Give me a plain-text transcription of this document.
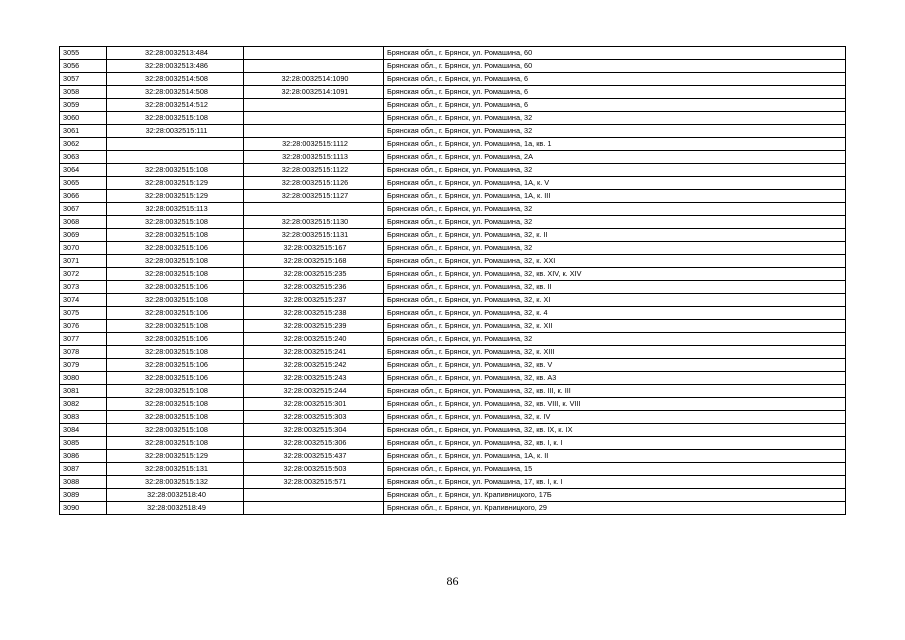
3055	32:28:0032513:484		Брянская обл., г. Брянск, ул. Ромашина, 60
3056	32:28:0032513:486		Брянская обл., г. Брянск, ул. Ромашина, 60
3057	32:28:0032514:508	32:28:0032514:1090	Брянская обл., г. Брянск, ул. Ромашина, 6
3058	32:28:0032514:508	32:28:0032514:1091	Брянская обл., г. Брянск, ул. Ромашина, 6
3059	32:28:0032514:512		Брянская обл., г. Брянск, ул. Ромашина, 6
3060	32:28:0032515:108		Брянская обл., г. Брянск, ул. Ромашина, 32
3061	32:28:0032515:111		Брянская обл., г. Брянск, ул. Ромашина, 32
3062		32:28:0032515:1112	Брянская обл., г. Брянск, ул. Ромашина, 1а, кв. 1
3063		32:28:0032515:1113	Брянская обл., г. Брянск, ул. Ромашина, 2А
3064	32:28:0032515:108	32:28:0032515:1122	Брянская обл., г. Брянск, ул. Ромашина, 32
3065	32:28:0032515:129	32:28:0032515:1126	Брянская обл., г. Брянск, ул. Ромашина, 1А, к. V
3066	32:28:0032515:129	32:28:0032515:1127	Брянская обл., г. Брянск, ул. Ромашина, 1А, к. III
3067	32:28:0032515:113		Брянская обл., г. Брянск, ул. Ромашина, 32
3068	32:28:0032515:108	32:28:0032515:1130	Брянская обл., г. Брянск, ул. Ромашина, 32
3069	32:28:0032515:108	32:28:0032515:1131	Брянская обл., г. Брянск, ул. Ромашина, 32, к. II
3070	32:28:0032515:106	32:28:0032515:167	Брянская обл., г. Брянск, ул. Ромашина, 32
3071	32:28:0032515:108	32:28:0032515:168	Брянская обл., г. Брянск, ул. Ромашина, 32, к. XXI
3072	32:28:0032515:108	32:28:0032515:235	Брянская обл., г. Брянск, ул. Ромашина, 32, кв. XIV, к. XIV
3073	32:28:0032515:106	32:28:0032515:236	Брянская обл., г. Брянск, ул. Ромашина, 32, кв. II
3074	32:28:0032515:108	32:28:0032515:237	Брянская обл., г. Брянск, ул. Ромашина, 32, к. XI
3075	32:28:0032515:106	32:28:0032515:238	Брянская обл., г. Брянск, ул. Ромашина, 32, к. 4
3076	32:28:0032515:108	32:28:0032515:239	Брянская обл., г. Брянск, ул. Ромашина, 32, к. XII
3077	32:28:0032515:106	32:28:0032515:240	Брянская обл., г. Брянск, ул. Ромашина, 32
3078	32:28:0032515:108	32:28:0032515:241	Брянская обл., г. Брянск, ул. Ромашина, 32, к. XIII
3079	32:28:0032515:106	32:28:0032515:242	Брянская обл., г. Брянск, ул. Ромашина, 32, кв. V
3080	32:28:0032515:106	32:28:0032515:243	Брянская обл., г. Брянск, ул. Ромашина, 32, кв. А3
3081	32:28:0032515:108	32:28:0032515:244	Брянская обл., г. Брянск, ул. Ромашина, 32, кв. III, к. III
3082	32:28:0032515:108	32:28:0032515:301	Брянская обл., г. Брянск, ул. Ромашина, 32, кв. VIII, к. VIII
3083	32:28:0032515:108	32:28:0032515:303	Брянская обл., г. Брянск, ул. Ромашина, 32, к. IV
3084	32:28:0032515:108	32:28:0032515:304	Брянская обл., г. Брянск, ул. Ромашина, 32, кв. IX, к. IX
3085	32:28:0032515:108	32:28:0032515:306	Брянская обл., г. Брянск, ул. Ромашина, 32, кв. I, к. I
3086	32:28:0032515:129	32:28:0032515:437	Брянская обл., г. Брянск, ул. Ромашина, 1А, к. II
3087	32:28:0032515:131	32:28:0032515:503	Брянская обл., г. Брянск, ул. Ромашина, 15
3088	32:28:0032515:132	32:28:0032515:571	Брянская обл., г. Брянск, ул. Ромашина, 17, кв. I, к. I
3089	32:28:0032518:40		Брянская обл., г. Брянск, ул. Крапивницкого, 17Б
3090	32:28:0032518:49		Брянская обл., г. Брянск, ул. Крапивницкого, 29
86
